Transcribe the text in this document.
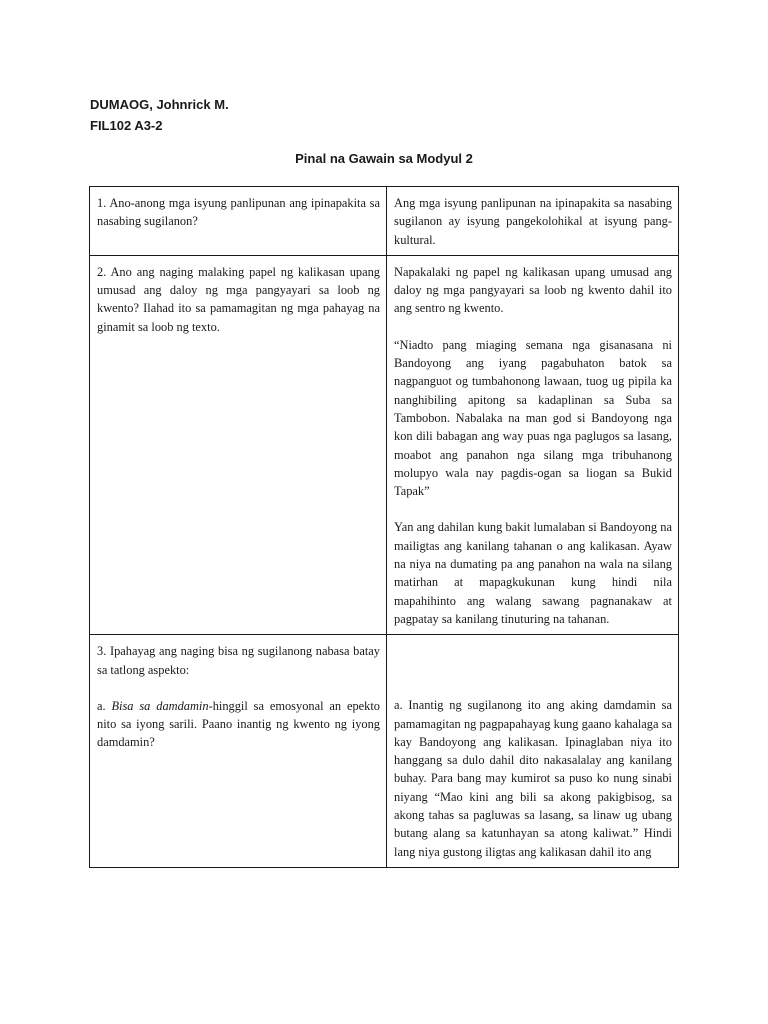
DUMAOG, Johnrick M.
FIL102 A3-2
Pinal na Gawain sa Modyul 2

1. Ano-anong mga isyung panlipunan ang ipinapakita sa nasabing sugilanon?	Ang mga isyung panlipunan na ipinapakita sa nasabing sugilanon ay isyung pangekolohikal at isyung pang-kultural.

2. Ano ang naging malaking papel ng kalikasan upang umusad ang daloy ng mga pangyayari sa loob ng kwento? Ilahad ito sa pamamagitan ng mga pahayag na ginamit sa loob ng texto.	Napakalaki ng papel ng kalikasan upang umusad ang daloy ng mga pangyayari sa loob ng kwento dahil ito ang sentro ng kwento.

“Niadto pang miaging semana nga gisanasana ni Bandoyong ang iyang pagabuhaton batok sa nagpanguot og tumbahonong lawaan, tuog ug pipila ka nanghibiling apitong sa kadaplinan sa Suba sa Tambobon. Nabalaka na man god si Bandoyong nga kon dili babagan ang way puas nga paglugos sa lasang, moabot ang panahon nga silang mga tribuhanong molupyo wala nay pagdis-ogan sa liogan sa Bukid Tapak”

Yan ang dahilan kung bakit lumalaban si Bandoyong na mailigtas ang kanilang tahanan o ang kalikasan. Ayaw na niya na dumating pa ang panahon na wala na silang matirhan at mapagkukunan kung hindi nila mapahihinto ang walang sawang pagnanakaw at pagpatay sa kanilang tinuturing na tahanan.

3. Ipahayag ang naging bisa ng sugilanong nabasa batay sa tatlong aspekto:

a. Bisa sa damdamin-hinggil sa emosyonal an epekto nito sa iyong sarili. Paano inantig ng kwento ng iyong damdamin?	a. Inantig ng sugilanong ito ang aking damdamin sa pamamagitan ng pagpapahayag kung gaano kahalaga sa kay Bandoyong ang kalikasan. Ipinaglaban niya ito hanggang sa dulo dahil dito nakasalalay ang kanilang buhay. Para bang may kumirot sa puso ko nung sinabi niyang “Mao kini ang bili sa akong pakigbisog, sa akong tahas sa pagluwas sa lasang, sa linaw ug ubang butang alang sa katunhayan sa atong kaliwat.” Hindi lang niya gustong iligtas ang kalikasan dahil ito ang
